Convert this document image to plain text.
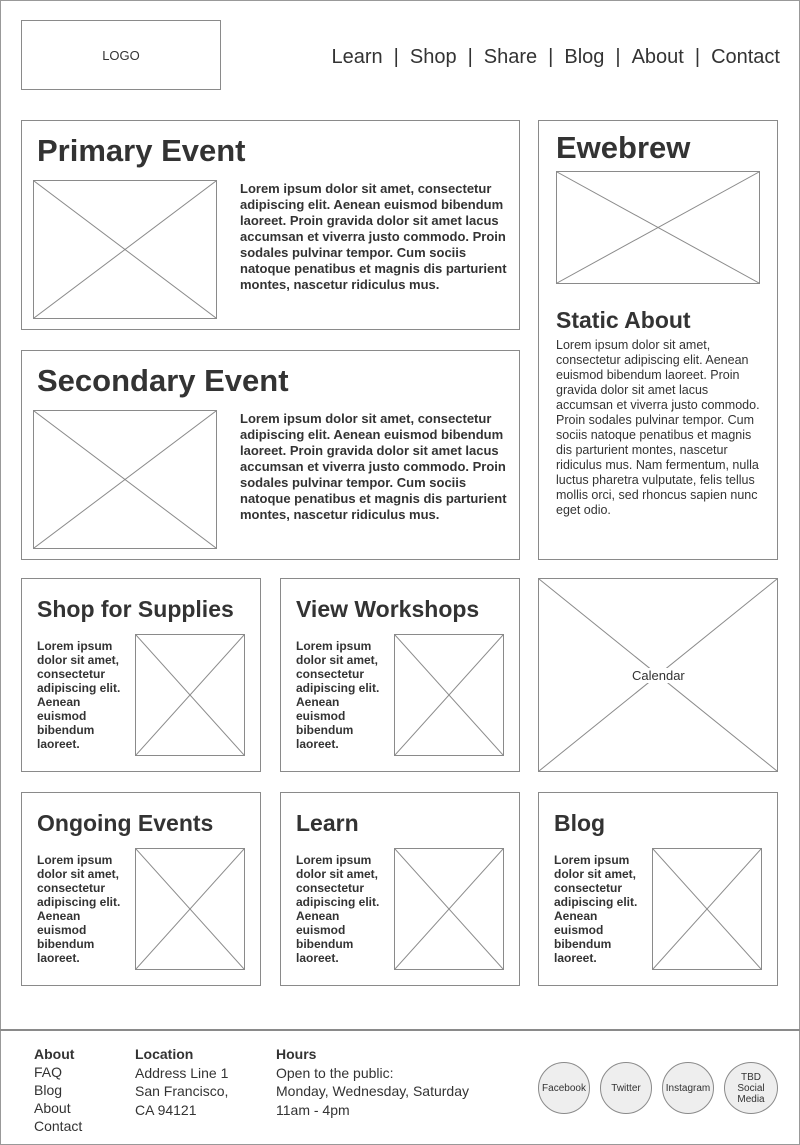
LOGO	Learn | Shop | Share | Blog | About | Contact
Primary Event

Lorem ipsum dolor sit amet, consectetur adipiscing elit. Aenean euismod bibendum laoreet. Proin gravida dolor sit amet lacus accumsan et viverra justo commodo. Proin sodales pulvinar tempor. Cum sociis natoque penatibus et magnis dis parturient montes, nascetur ridiculus mus.

Secondary Event

Lorem ipsum dolor sit amet, consectetur adipiscing elit. Aenean euismod bibendum laoreet. Proin gravida dolor sit amet lacus accumsan et viverra justo commodo. Proin sodales pulvinar tempor. Cum sociis natoque penatibus et magnis dis parturient montes, nascetur ridiculus mus.

Ewebrew
Static About

Lorem ipsum dolor sit amet, consectetur adipiscing elit. Aenean euismod bibendum laoreet. Proin gravida dolor sit amet lacus accumsan et viverra justo commodo. Proin sodales pulvinar tempor. Cum sociis natoque penatibus et magnis dis parturient montes, nascetur ridiculus mus. Nam fermentum, nulla luctus pharetra vulputate, felis tellus mollis orci, sed rhoncus sapien nunc eget odio.

Shop for Supplies

Lorem ipsum dolor sit amet, consectetur adipiscing elit. Aenean euismod bibendum laoreet.

View Workshops

Lorem ipsum dolor sit amet, consectetur adipiscing elit. Aenean euismod bibendum laoreet.

Calendar
Ongoing Events

Lorem ipsum dolor sit amet, consectetur adipiscing elit. Aenean euismod bibendum laoreet.

Learn

Lorem ipsum dolor sit amet, consectetur adipiscing elit. Aenean euismod bibendum laoreet.

Blog

Lorem ipsum dolor sit amet, consectetur adipiscing elit. Aenean euismod bibendum laoreet.

About
FAQ
Blog
About
Contact
Location
Address Line 1
San Francisco,
CA 94121
Hours
Open to the public:
Monday, Wednesday, Saturday
11am - 4pm
Facebook	Twitter	Instagram
TBD Social Media
